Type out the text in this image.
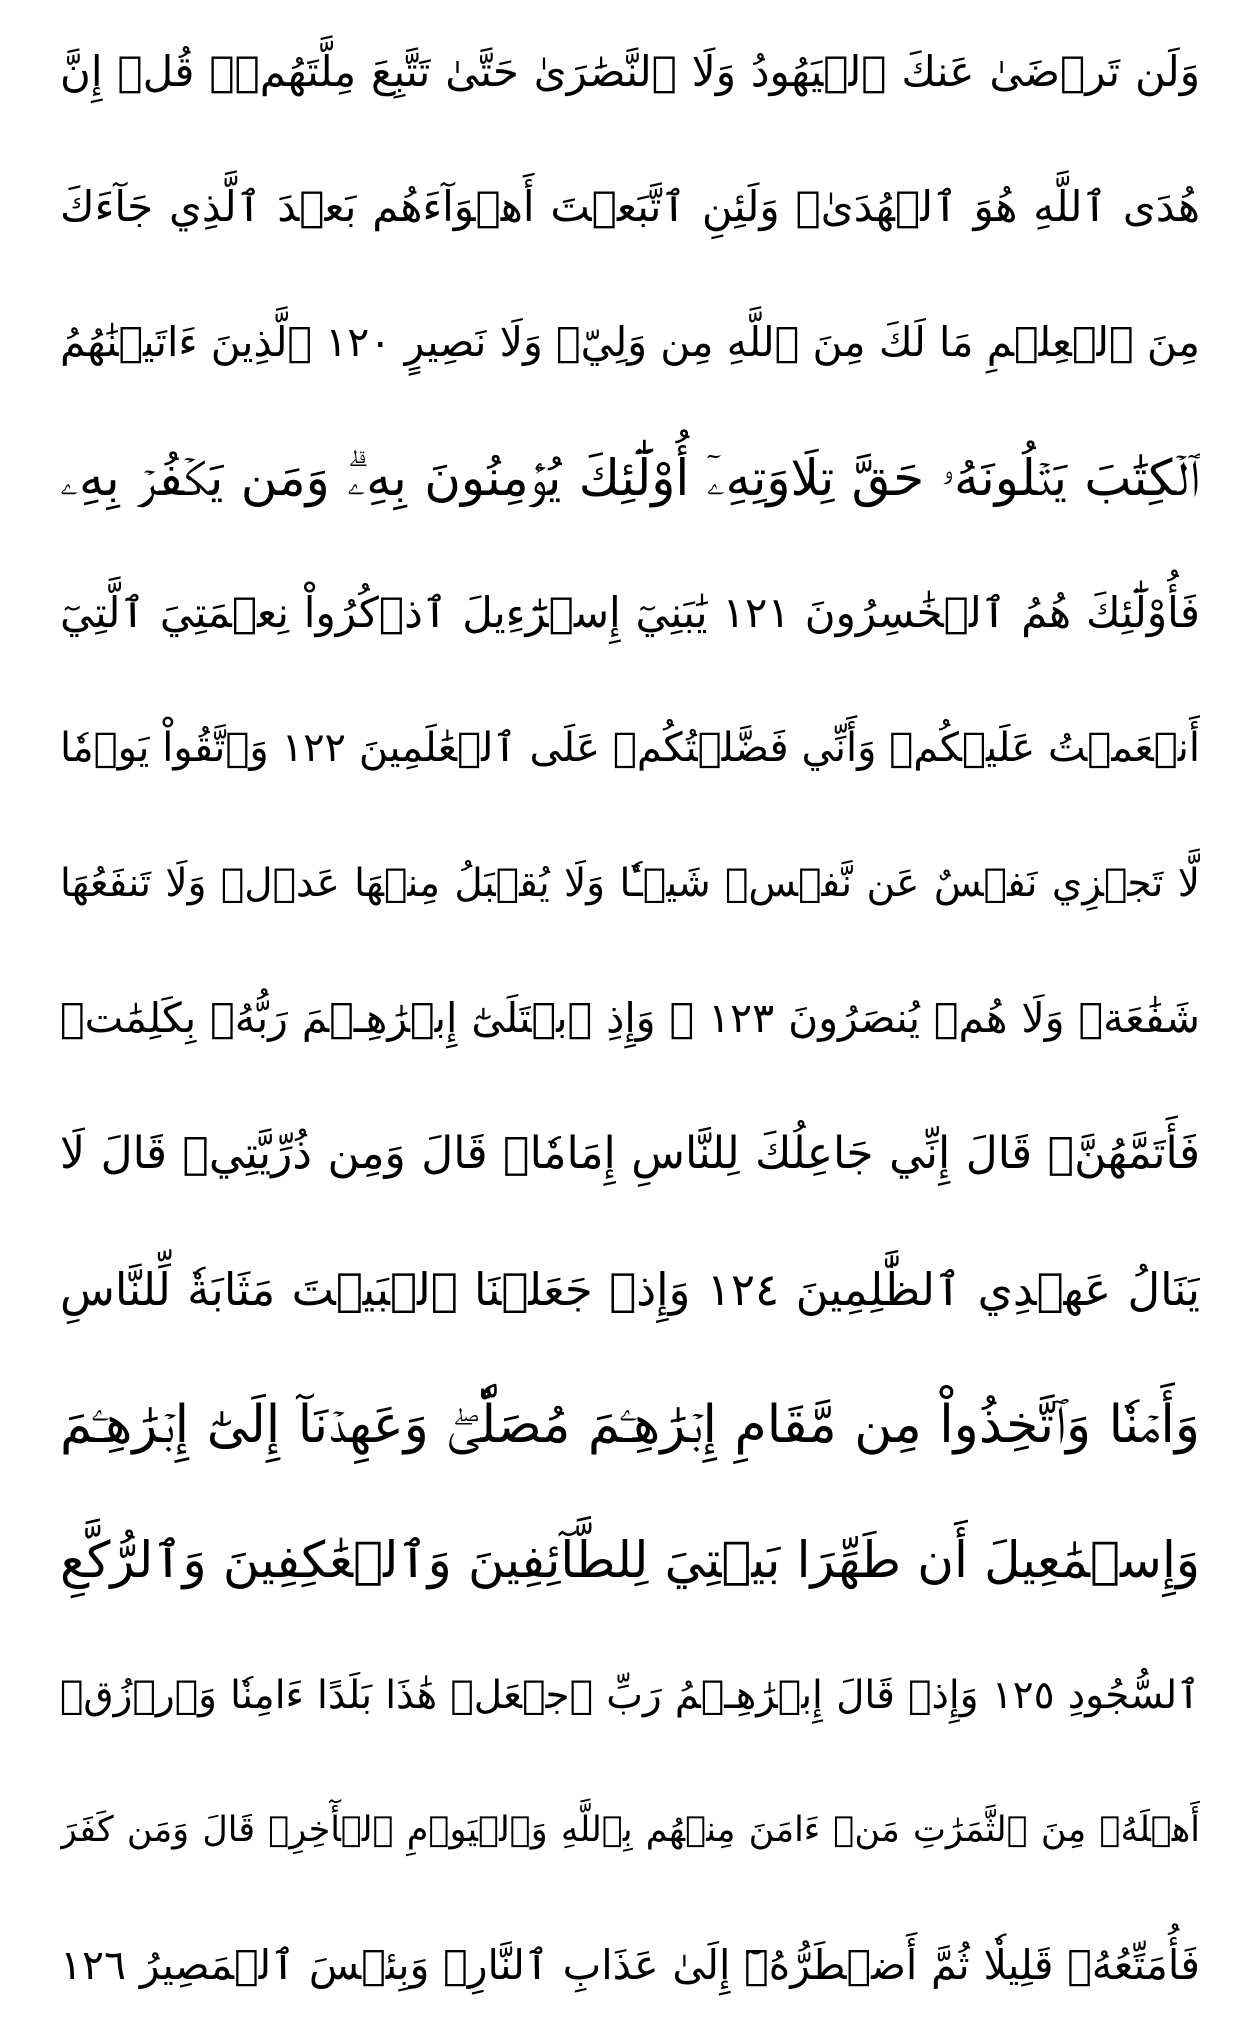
وَلَن تَرۡضَىٰ عَنكَ ٱلۡيَهُودُ وَلَا ٱلنَّصَٰرَىٰ حَتَّىٰ تَتَّبِعَ مِلَّتَهُمۡۗ قُلۡ إِنَّ
هُدَى ٱللَّهِ هُوَ ٱلۡهُدَىٰۗ وَلَئِنِ ٱتَّبَعۡتَ أَهۡوَآءَهُم بَعۡدَ ٱلَّذِي جَآءَكَ
مِنَ ٱلۡعِلۡمِ مَا لَكَ مِنَ ٱللَّهِ مِن وَلِيّٖ وَلَا نَصِيرٍ ١٢٠ ٱلَّذِينَ ءَاتَيۡنَٰهُمُ
ٱلۡكِتَٰبَ يَتۡلُونَهُۥ حَقَّ تِلَاوَتِهِۦٓ أُوْلَٰٓئِكَ يُؤۡمِنُونَ بِهِۦۗ وَمَن يَكۡفُرۡ بِهِۦ
فَأُوْلَٰٓئِكَ هُمُ ٱلۡخَٰسِرُونَ ١٢١ يَٰبَنِيٓ إِسۡرَٰٓءِيلَ ٱذۡكُرُواْ نِعۡمَتِيَ ٱلَّتِيٓ
أَنۡعَمۡتُ عَلَيۡكُمۡ وَأَنِّي فَضَّلۡتُكُمۡ عَلَى ٱلۡعَٰلَمِينَ ١٢٢ وَٱتَّقُواْ يَوۡمٗا
لَّا تَجۡزِي نَفۡسٌ عَن نَّفۡسٖ شَيۡـٔٗا وَلَا يُقۡبَلُ مِنۡهَا عَدۡلٞ وَلَا تَنفَعُهَا
شَفَٰعَةٞ وَلَا هُمۡ يُنصَرُونَ ١٢٣ ۞ وَإِذِ ٱبۡتَلَىٰٓ إِبۡرَٰهِـۧمَ رَبُّهُۥ بِكَلِمَٰتٖ
فَأَتَمَّهُنَّۖ قَالَ إِنِّي جَاعِلُكَ لِلنَّاسِ إِمَامٗاۖ قَالَ وَمِن ذُرِّيَّتِيۖ قَالَ لَا
يَنَالُ عَهۡدِي ٱلظَّٰلِمِينَ ١٢٤ وَإِذۡ جَعَلۡنَا ٱلۡبَيۡتَ مَثَابَةٗ لِّلنَّاسِ
وَأَمۡنٗا وَٱتَّخِذُواْ مِن مَّقَامِ إِبۡرَٰهِـۧمَ مُصَلّٗىۖ وَعَهِدۡنَآ إِلَىٰٓ إِبۡرَٰهِـۧمَ
وَإِسۡمَٰعِيلَ أَن طَهِّرَا بَيۡتِيَ لِلطَّآئِفِينَ وَٱلۡعَٰكِفِينَ وَٱلرُّكَّعِ
ٱلسُّجُودِ ١٢٥ وَإِذۡ قَالَ إِبۡرَٰهِـۧمُ رَبِّ ٱجۡعَلۡ هَٰذَا بَلَدًا ءَامِنٗا وَٱرۡزُقۡ
أَهۡلَهُۥ مِنَ ٱلثَّمَرَٰتِ مَنۡ ءَامَنَ مِنۡهُم بِٱللَّهِ وَٱلۡيَوۡمِ ٱلۡأٓخِرِۖ قَالَ وَمَن كَفَرَ
فَأُمَتِّعُهُۥ قَلِيلٗا ثُمَّ أَضۡطَرُّهُۥٓ إِلَىٰ عَذَابِ ٱلنَّارِۖ وَبِئۡسَ ٱلۡمَصِيرُ ١٢٦
